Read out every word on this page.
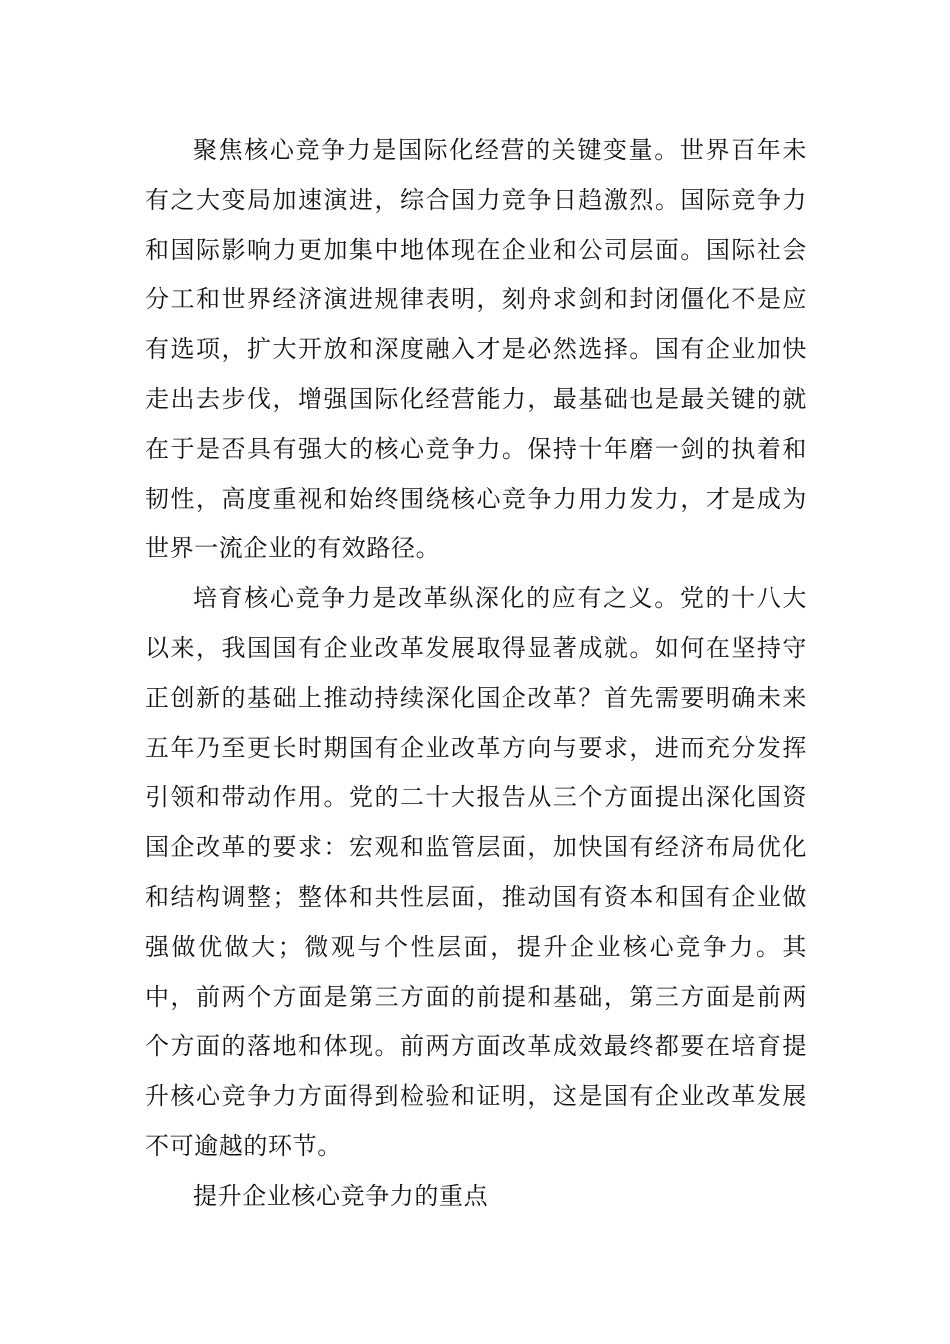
聚焦核心竞争力是国际化经营的关键变量。世界百年未有之大变局加速演进，综合国力竞争日趋激烈。国际竞争力和国际影响力更加集中地体现在企业和公司层面。国际社会分工和世界经济演进规律表明，刻舟求剑和封闭僵化不是应有选项，扩大开放和深度融入才是必然选择。国有企业加快走出去步伐，增强国际化经营能力，最基础也是最关键的就在于是否具有强大的核心竞争力。保持十年磨一剑的执着和韧性，高度重视和始终围绕核心竞争力用力发力，才是成为世界一流企业的有效路径。

培育核心竞争力是改革纵深化的应有之义。党的十八大以来，我国国有企业改革发展取得显著成就。如何在坚持守正创新的基础上推动持续深化国企改革？首先需要明确未来五年乃至更长时期国有企业改革方向与要求，进而充分发挥引领和带动作用。党的二十大报告从三个方面提出深化国资国企改革的要求：宏观和监管层面，加快国有经济布局优化和结构调整；整体和共性层面，推动国有资本和国有企业做强做优做大；微观与个性层面，提升企业核心竞争力。其中，前两个方面是第三方面的前提和基础，第三方面是前两个方面的落地和体现。前两方面改革成效最终都要在培育提升核心竞争力方面得到检验和证明，这是国有企业改革发展不可逾越的环节。

提升企业核心竞争力的重点
